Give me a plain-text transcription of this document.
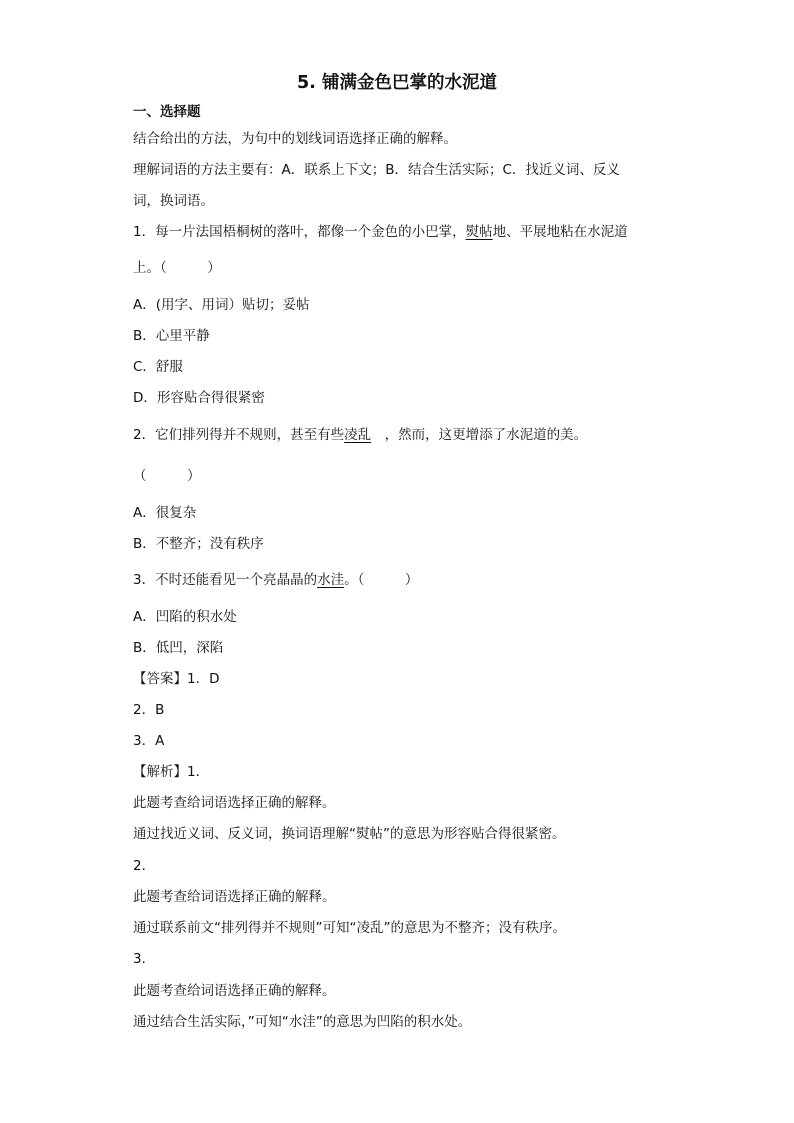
5. 铺满金色巴掌的水泥道
一、选择题
结合给出的方法，为句中的划线词语选择正确的解释。
理解词语的方法主要有：A．联系上下文；B．结合生活实际；C．找近义词、反义
词，换词语。
1．每一片法国梧桐树的落叶，都像一个金色的小巴掌，熨帖地、平展地粘在水泥道
上。（　　　）
A．(用字、用词）贴切；妥帖
B．心里平静
C．舒服
D．形容贴合得很紧密
2．它们排列得并不规则，甚至有些凌乱　，然而，这更增添了水泥道的美。
（　　　）
A．很复杂
B．不整齐；没有秩序
3．不时还能看见一个亮晶晶的水洼。（　　　）
A．凹陷的积水处
B．低凹，深陷
【答案】1．D
2．B
3．A
【解析】1．
此题考查给词语选择正确的解释。
通过找近义词、反义词，换词语理解“熨帖”的意思为形容贴合得很紧密。
2．
此题考查给词语选择正确的解释。
通过联系前文“排列得并不规则”可知“凌乱”的意思为不整齐；没有秩序。
3．
此题考查给词语选择正确的解释。
通过结合生活实际，”可知“水洼”的意思为凹陷的积水处。
